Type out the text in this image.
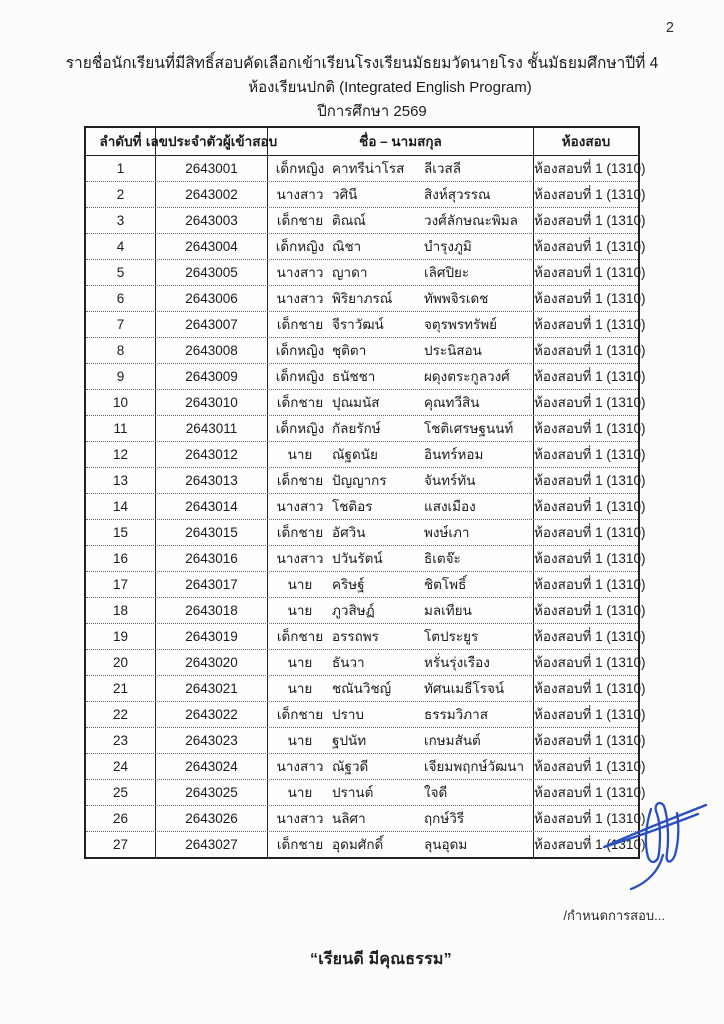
2
รายชื่อนักเรียนที่มีสิทธิ์สอบคัดเลือกเข้าเรียนโรงเรียนมัธยมวัดนายโรง ชั้นมัธยมศึกษาปีที่ 4
ห้องเรียนปกติ (Integrated English Program)
ปีการศึกษา 2569
ลำดับที่ เลขประจำตัวผู้เข้าสอบ	ชื่อ – นามสกุล	ห้องสอบ
1	2643001	เด็กหญิง คาทรีน่าโรส	ลีเวสลี	ห้องสอบที่ 1 (1310)
2	2643002	นางสาว วศินี	สิงห์สุวรรณ	ห้องสอบที่ 1 (1310)
3	2643003	เด็กชาย ติณณ์	วงศ์ลักษณะพิมล	ห้องสอบที่ 1 (1310)
4	2643004	เด็กหญิง ณิชา	บำรุงภูมิ	ห้องสอบที่ 1 (1310)
5	2643005	นางสาว ญาดา	เลิศปิยะ	ห้องสอบที่ 1 (1310)
6	2643006	นางสาว พิริยาภรณ์	ทัพพจิรเดช	ห้องสอบที่ 1 (1310)
7	2643007	เด็กชาย จีราวัฒน์	จตุรพรทรัพย์	ห้องสอบที่ 1 (1310)
8	2643008	เด็กหญิง ชุติตา	ประนิสอน	ห้องสอบที่ 1 (1310)
9	2643009	เด็กหญิง ธนัชชา	ผดุงตระกูลวงศ์	ห้องสอบที่ 1 (1310)
10	2643010	เด็กชาย ปุณมนัส	คุณทวีสิน	ห้องสอบที่ 1 (1310)
11	2643011	เด็กหญิง กัลยรักษ์	โชติเศรษฐนนท์	ห้องสอบที่ 1 (1310)
12	2643012	นาย	ณัฐดนัย	อินทร์หอม	ห้องสอบที่ 1 (1310)
13	2643013	เด็กชาย ปัญญากร	จันทร์ทัน	ห้องสอบที่ 1 (1310)
14	2643014	นางสาว โชติอร	แสงเมือง	ห้องสอบที่ 1 (1310)
15	2643015	เด็กชาย อัศวิน	พงษ์เภา	ห้องสอบที่ 1 (1310)
16	2643016	นางสาว ปวันรัตน์	ธิเตจ๊ะ	ห้องสอบที่ 1 (1310)
17	2643017	นาย	คริษฐ์	ชิตโพธิ์	ห้องสอบที่ 1 (1310)
18	2643018	นาย	ภูวสิษฏ์	มลเทียน	ห้องสอบที่ 1 (1310)
19	2643019	เด็กชาย อรรถพร	โตประยูร	ห้องสอบที่ 1 (1310)
20	2643020	นาย	ธันวา	หรั่นรุ่งเรือง	ห้องสอบที่ 1 (1310)
21	2643021	นาย	ชณันวิชญ์	ทัศนเมธีโรจน์	ห้องสอบที่ 1 (1310)
22	2643022	เด็กชาย ปราบ	ธรรมวิภาส	ห้องสอบที่ 1 (1310)
23	2643023	นาย	ฐปนัท	เกษมสันต์	ห้องสอบที่ 1 (1310)
24	2643024	นางสาว ณัฐวดี	เจียมพฤกษ์วัฒนา ห้องสอบที่ 1 (1310)
25	2643025	นาย	ปรานต์	ใจดี	ห้องสอบที่ 1 (1310)
26	2643026	นางสาว นลิศา	ฤกษ์วิรี	ห้องสอบที่ 1 (1310)
27	2643027	เด็กชาย อุดมศักดิ์	ลุนอุดม	ห้องสอบที่ 1 (1310)
/กำหนดการสอบ...
“เรียนดี มีคุณธรรม”
